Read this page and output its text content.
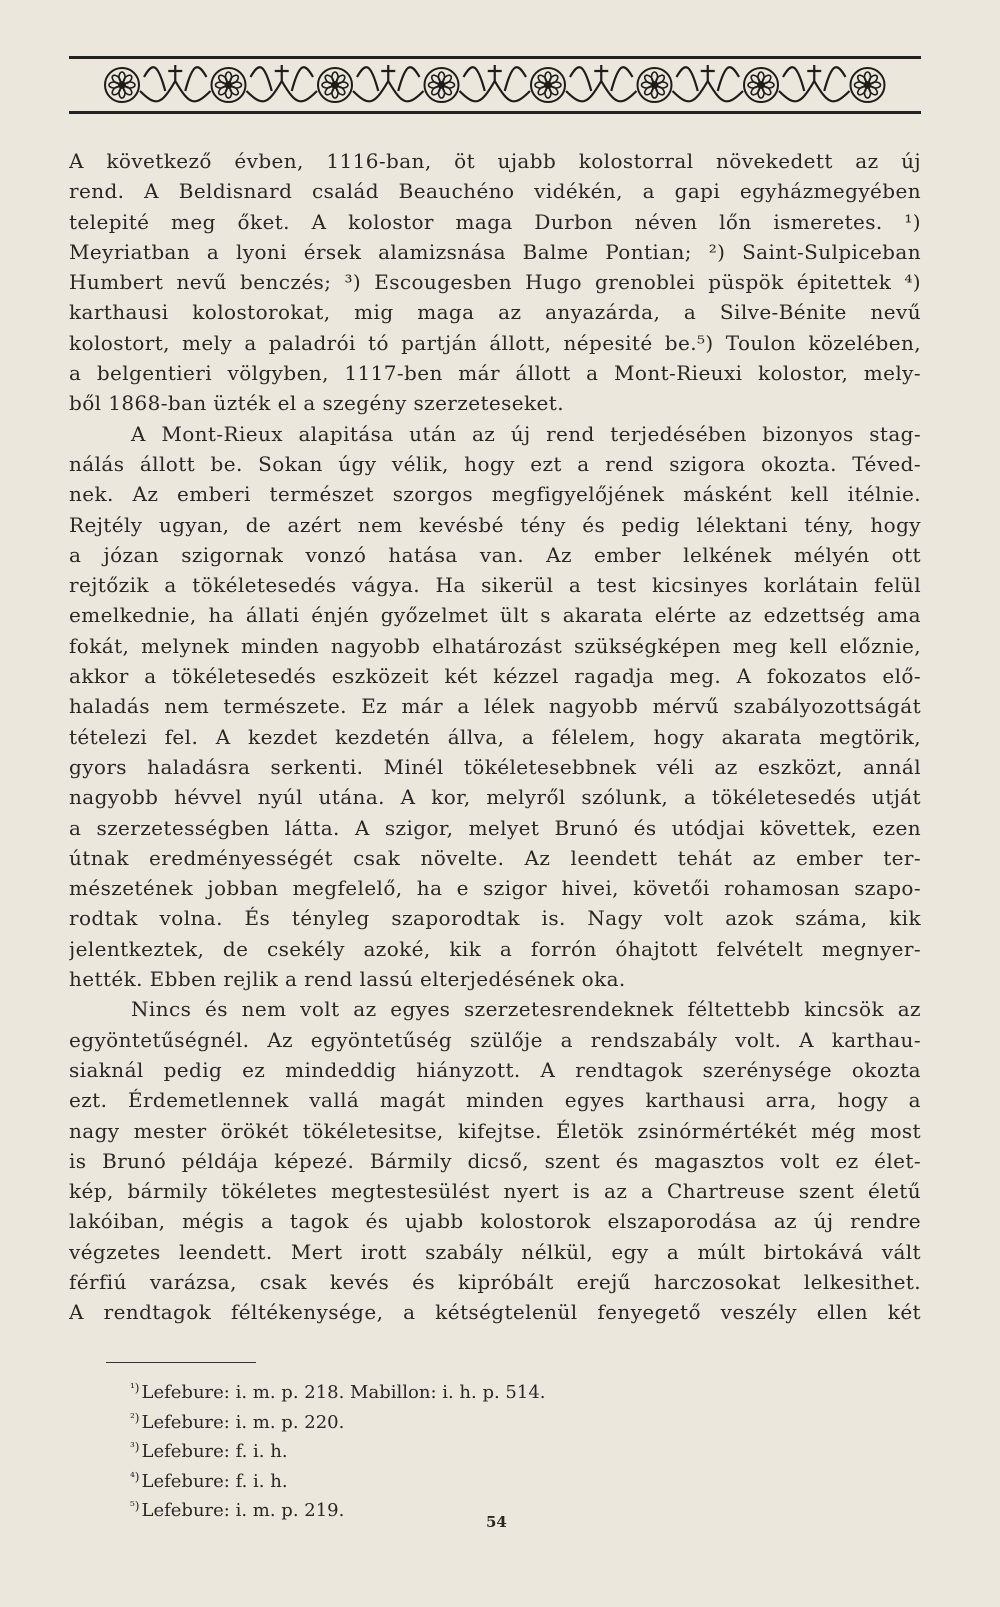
A következő évben, 1116-ban, öt ujabb kolostorral növekedett az új
rend. A Beldisnard család Beauchéno vidékén, a gapi egyházmegyében
telepité meg őket. A kolostor maga Durbon néven lőn ismeretes. ¹)
Meyriatban a lyoni érsek alamizsnása Balme Pontian; ²) Saint-Sulpiceban
Humbert nevű benczés; ³) Escougesben Hugo grenoblei püspök épitettek ⁴)
karthausi kolostorokat, mig maga az anyazárda, a Silve-Bénite nevű
kolostort, mely a paladrói tó partján állott, népesité be.⁵) Toulon közelében,
a belgentieri völgyben, 1117-ben már állott a Mont-Rieuxi kolostor, mely-
ből 1868-ban üzték el a szegény szerzeteseket.
A Mont-Rieux alapitása után az új rend terjedésében bizonyos stag-
nálás állott be. Sokan úgy vélik, hogy ezt a rend szigora okozta. Téved-
nek. Az emberi természet szorgos megfigyelőjének másként kell itélnie.
Rejtély ugyan, de azért nem kevésbé tény és pedig lélektani tény, hogy
a józan szigornak vonzó hatása van. Az ember lelkének mélyén ott
rejtőzik a tökéletesedés vágya. Ha sikerül a test kicsinyes korlátain felül
emelkednie, ha állati énjén győzelmet ült s akarata elérte az edzettség ama
fokát, melynek minden nagyobb elhatározást szükségképen meg kell előznie,
akkor a tökéletesedés eszközeit két kézzel ragadja meg. A fokozatos elő-
haladás nem természete. Ez már a lélek nagyobb mérvű szabályozottságát
tételezi fel. A kezdet kezdetén állva, a félelem, hogy akarata megtörik,
gyors haladásra serkenti. Minél tökéletesebbnek véli az eszközt, annál
nagyobb hévvel nyúl utána. A kor, melyről szólunk, a tökéletesedés utját
a szerzetességben látta. A szigor, melyet Brunó és utódjai követtek, ezen
útnak eredményességét csak növelte. Az leendett tehát az ember ter-
mészetének jobban megfelelő, ha e szigor hivei, követői rohamosan szapo-
rodtak volna. És tényleg szaporodtak is. Nagy volt azok száma, kik
jelentkeztek, de csekély azoké, kik a forrón óhajtott felvételt megnyer-
hették. Ebben rejlik a rend lassú elterjedésének oka.
Nincs és nem volt az egyes szerzetesrendeknek féltettebb kincsök az
egyöntetűségnél. Az egyöntetűség szülője a rendszabály volt. A karthau-
siaknál pedig ez mindeddig hiányzott. A rendtagok szerénysége okozta
ezt. Érdemetlennek vallá magát minden egyes karthausi arra, hogy a
nagy mester örökét tökéletesitse, kifejtse. Életök zsinórmértékét még most
is Brunó példája képezé. Bármily dicső, szent és magasztos volt ez élet-
kép, bármily tökéletes megtestesülést nyert is az a Chartreuse szent életű
lakóiban, mégis a tagok és ujabb kolostorok elszaporodása az új rendre
végzetes leendett. Mert irott szabály nélkül, egy a múlt birtokává vált
férfiú varázsa, csak kevés és kipróbált erejű harczosokat lelkesithet.
A rendtagok féltékenysége, a kétségtelenül fenyegető veszély ellen két
$^{^1)}$ Lefebure: i. m. p. 218. Mabillon: i. h. p. 514.
$^{^2)}$ Lefebure: i. m. p. 220.
$^{^3)}$ Lefebure: f. i. h.
$^{^4)}$ Lefebure: f. i. h.
$^{^5)}$ Lefebure: i. m. p. 219.
54
